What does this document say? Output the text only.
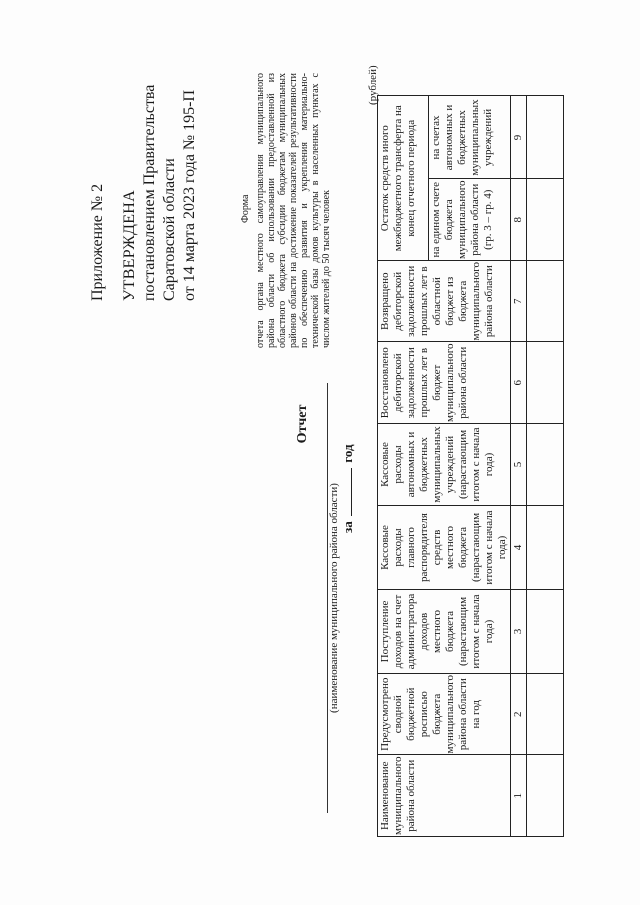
Приложение № 2 УТВЕРЖДЕНА постановлением Правительства Саратовской области от 14 марта 2023 года № 195-П	Форма отчета органа местного самоуправления муниципального района области об использовании предоставленной из областного бюджета субсидии бюджетам муниципальных районов области на достижение показателей результативности по обеспечению развития и укрепления материально-технической базы домов культуры в населенных пунктах с числом жителей до 50 тысяч человек
Отчет
(наименование муниципального района области) за  год
(рублей)
Наименование муниципального района области	Предусмотрено сводной бюджетной росписью бюджета муниципального района области на год	Поступление доходов на счет администратора доходов местного бюджета (нарастающим итогом с начала года)	Кассовые расходы главного распорядителя средств местного бюджета (нарастающим итогом с начала года)	Кассовые расходы автономных и бюджетных муниципальных учреждений (нарастающим итогом с начала года)	Восстановлено дебиторской задолженности прошлых лет в бюджет муниципального района области	Возвращено дебиторской задолженности прошлых лет в областной бюджет из бюджета муниципального района области	Остаток средств иного межбюджетного трансферта на конец отчетного периода	
							на едином счете бюджета муниципального района области (гр. 3 – гр. 4)	на счетах автономных и бюджетных муниципальных учреждений
1	2	3	4	5	6	7	8	9
